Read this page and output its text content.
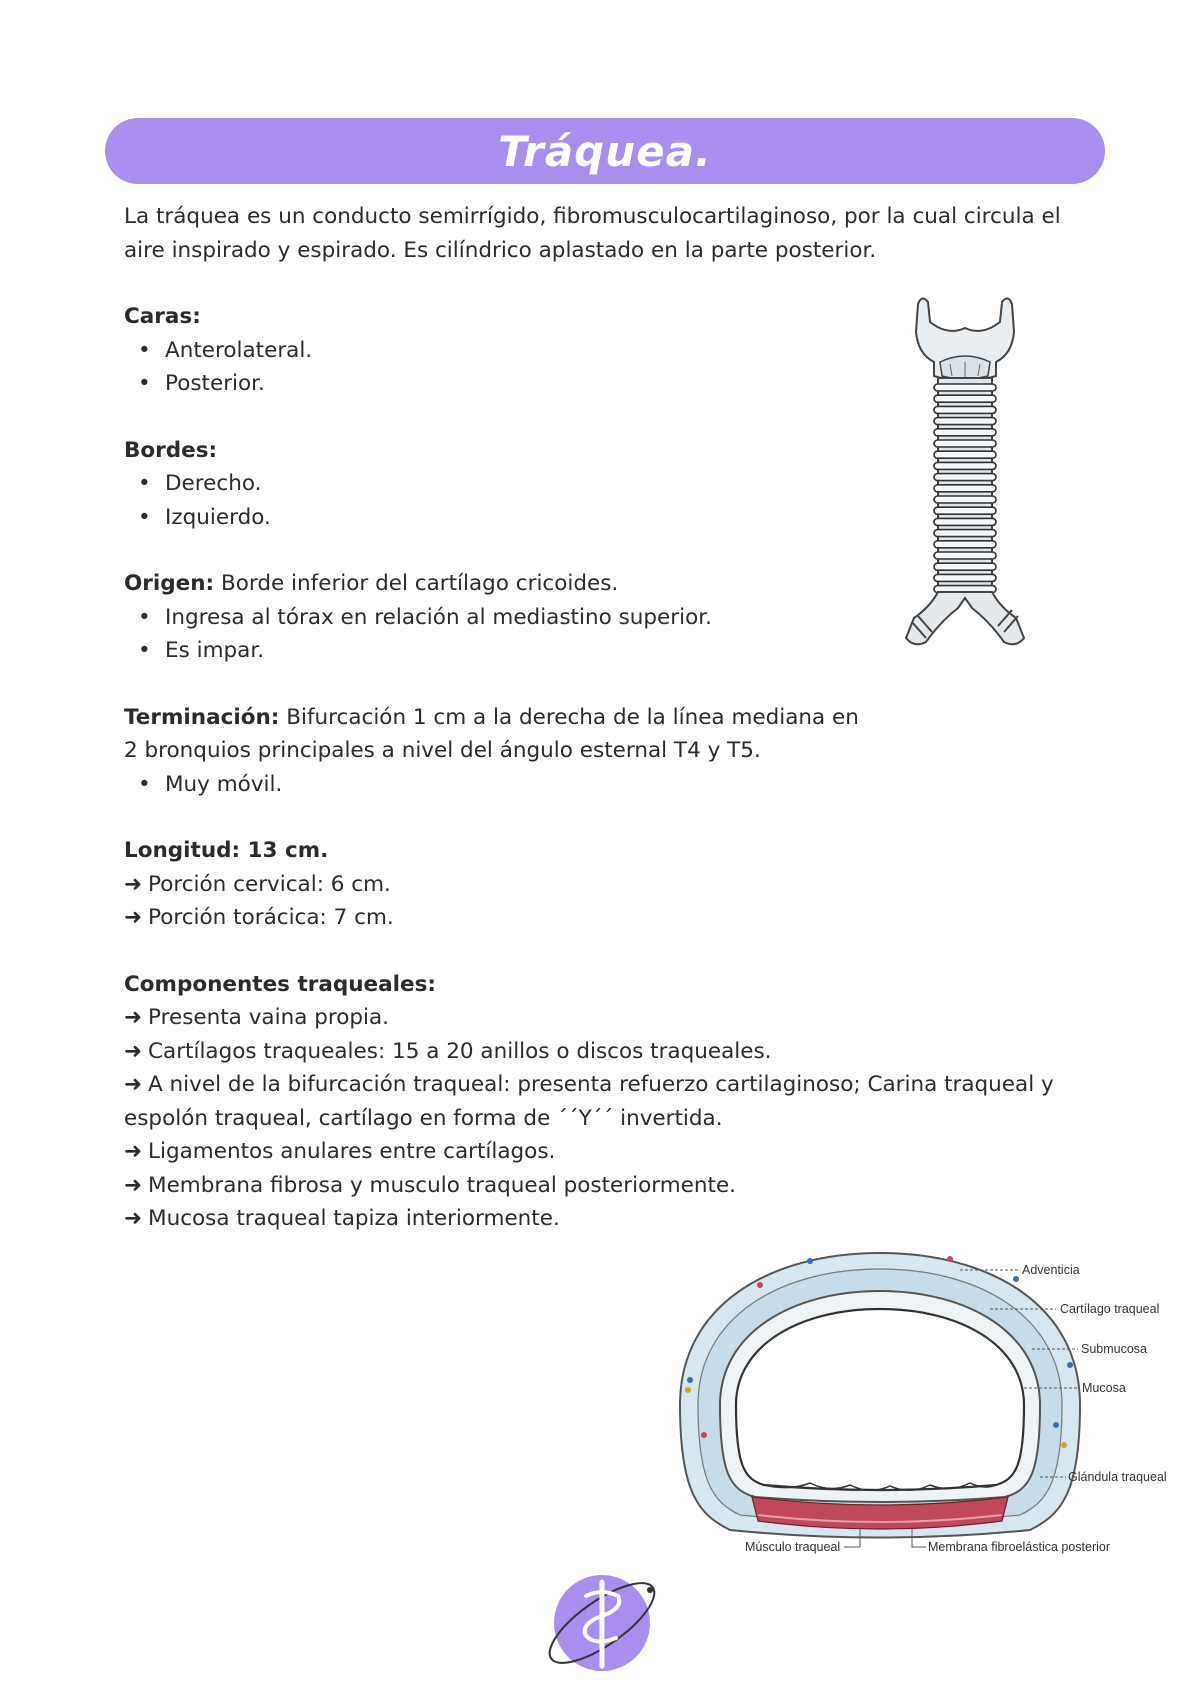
Tráquea.

La tráquea es un conducto semirrígido, fibromusculocartilaginoso, por la cual circula el aire inspirado y espirado. Es cilíndrico aplastado en la parte posterior.

Caras:

• Anterolateral.
• Posterior.

Bordes:

• Derecho.
• Izquierdo.

Origen: Borde inferior del cartílago cricoides.

• Ingresa al tórax en relación al mediastino superior.
• Es impar.

Terminación: Bifurcación 1 cm a la derecha de la línea mediana en

2 bronquios principales a nivel del ángulo esternal T4 y T5.

• Muy móvil.

Longitud: 13 cm.

➜ Porción cervical: 6 cm.

➜ Porción torácica: 7 cm.

Componentes traqueales:

➜ Presenta vaina propia.

➜ Cartílagos traqueales: 15 a 20 anillos o discos traqueales.

➜ A nivel de la bifurcación traqueal: presenta refuerzo cartilaginoso; Carina traqueal y espolón traqueal, cartílago en forma de ´´Y´´ invertida.

➜ Ligamentos anulares entre cartílagos.

➜ Membrana fibrosa y musculo traqueal posteriormente.

➜ Mucosa traqueal tapiza interiormente.

Adventicia
Cartílago traqueal
Submucosa
Mucosa
Glándula traqueal
Músculo traqueal	Membrana fibroelástica posterior
✦
